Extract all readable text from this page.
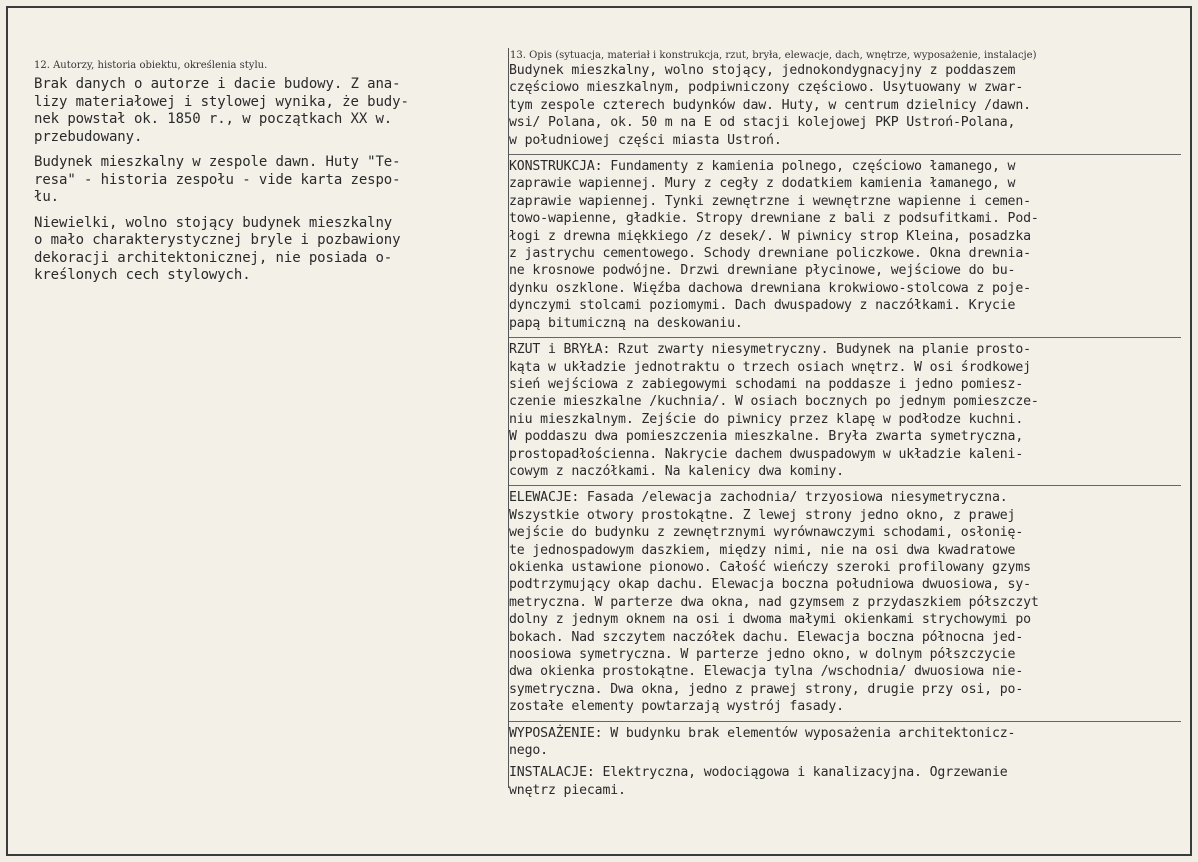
12. Autorzy, historia obiektu, określenia stylu.
13. Opis (sytuacja, materiał i konstrukcja, rzut, bryła, elewacje, dach, wnętrze, wyposażenie, instalacje)

Brak danych o autorze i dacie budowy. Z ana-
lizy materiałowej i stylowej wynika, że budy-
nek powstał ok. 1850 r., w początkach XX w.
przebudowany.

Budynek mieszkalny w zespole dawn. Huty "Te-
resa" - historia zespołu - vide karta zespo-
łu.

Niewielki, wolno stojący budynek mieszkalny
o mało charakterystycznej bryle i pozbawiony
dekoracji architektonicznej, nie posiada o-
kreślonych cech stylowych.

Budynek mieszkalny, wolno stojący, jednokondygnacyjny z poddaszem
częściowo mieszkalnym, podpiwniczony częściowo. Usytuowany w zwar-
tym zespole czterech budynków daw. Huty, w centrum dzielnicy /dawn.
wsi/ Polana, ok. 50 m na E od stacji kolejowej PKP Ustroń-Polana,
w południowej części miasta Ustroń.

KONSTRUKCJA: Fundamenty z kamienia polnego, częściowo łamanego, w
zaprawie wapiennej. Mury z cegły z dodatkiem kamienia łamanego, w
zaprawie wapiennej. Tynki zewnętrzne i wewnętrzne wapienne i cemen-
towo-wapienne, gładkie. Stropy drewniane z bali z podsufitkami. Pod-
łogi z drewna miękkiego /z desek/. W piwnicy strop Kleina, posadzka
z jastrychu cementowego. Schody drewniane policzkowe. Okna drewnia-
ne krosnowe podwójne. Drzwi drewniane płycinowe, wejściowe do bu-
dynku oszklone. Więźba dachowa drewniana krokwiowo-stolcowa z poje-
dynczymi stolcami poziomymi. Dach dwuspadowy z naczółkami. Krycie
papą bitumiczną na deskowaniu.

RZUT i BRYŁA: Rzut zwarty niesymetryczny. Budynek na planie prosto-
kąta w układzie jednotraktu o trzech osiach wnętrz. W osi środkowej
sień wejściowa z zabiegowymi schodami na poddasze i jedno pomiesz-
czenie mieszkalne /kuchnia/. W osiach bocznych po jednym pomieszcze-
niu mieszkalnym. Zejście do piwnicy przez klapę w podłodze kuchni.
W poddaszu dwa pomieszczenia mieszkalne. Bryła zwarta symetryczna,
prostopadłościenna. Nakrycie dachem dwuspadowym w układzie kaleni-
cowym z naczółkami. Na kalenicy dwa kominy.

ELEWACJE: Fasada /elewacja zachodnia/ trzyosiowa niesymetryczna.
Wszystkie otwory prostokątne. Z lewej strony jedno okno, z prawej
wejście do budynku z zewnętrznymi wyrównawczymi schodami, osłonię-
te jednospadowym daszkiem, między nimi, nie na osi dwa kwadratowe
okienka ustawione pionowo. Całość wieńczy szeroki profilowany gzyms
podtrzymujący okap dachu. Elewacja boczna południowa dwuosiowa, sy-
metryczna. W parterze dwa okna, nad gzymsem z przydaszkiem półszczyt
dolny z jednym oknem na osi i dwoma małymi okienkami strychowymi po
bokach. Nad szczytem naczółek dachu. Elewacja boczna północna jed-
noosiowa symetryczna. W parterze jedno okno, w dolnym półszczycie
dwa okienka prostokątne. Elewacja tylna /wschodnia/ dwuosiowa nie-
symetryczna. Dwa okna, jedno z prawej strony, drugie przy osi, po-
zostałe elementy powtarzają wystrój fasady.

WYPOSAŻENIE: W budynku brak elementów wyposażenia architektonicz-
nego.

INSTALACJE: Elektryczna, wodociągowa i kanalizacyjna. Ogrzewanie
wnętrz piecami.
